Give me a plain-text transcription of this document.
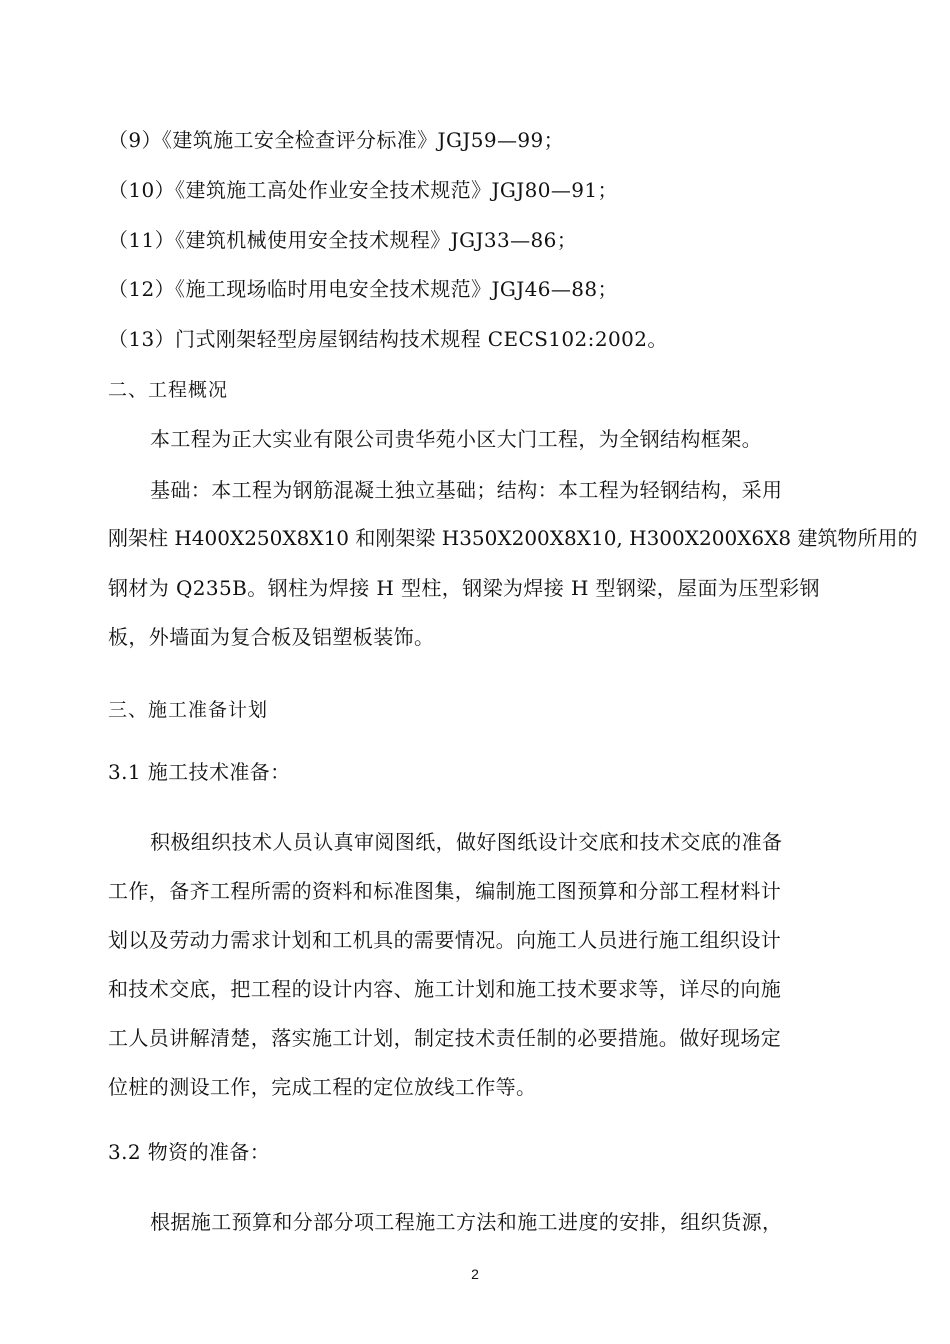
（9）《建筑施工安全检查评分标准》JGJ59—99；
（10）《建筑施工高处作业安全技术规范》JGJ80—91；
（11）《建筑机械使用安全技术规程》JGJ33—86；
（12）《施工现场临时用电安全技术规范》JGJ46—88；
（13）门式刚架轻型房屋钢结构技术规程 CECS102:2002。
二、工程概况
本工程为正大实业有限公司贵华苑小区大门工程，为全钢结构框架。
基础：本工程为钢筋混凝土独立基础；结构：本工程为轻钢结构，采用
刚架柱 H400X250X8X10 和刚架梁 H350X200X8X10, H300X200X6X8 建筑物所用的
钢材为 Q235B。钢柱为焊接 H 型柱，钢梁为焊接 H 型钢梁，屋面为压型彩钢
板，外墙面为复合板及铝塑板装饰。
三、施工准备计划
3.1 施工技术准备：
积极组织技术人员认真审阅图纸，做好图纸设计交底和技术交底的准备
工作，备齐工程所需的资料和标准图集，编制施工图预算和分部工程材料计
划以及劳动力需求计划和工机具的需要情况。向施工人员进行施工组织设计
和技术交底，把工程的设计内容、施工计划和施工技术要求等，详尽的向施
工人员讲解清楚，落实施工计划，制定技术责任制的必要措施。做好现场定
位桩的测设工作，完成工程的定位放线工作等。
3.2 物资的准备：
根据施工预算和分部分项工程施工方法和施工进度的安排，组织货源，
2
